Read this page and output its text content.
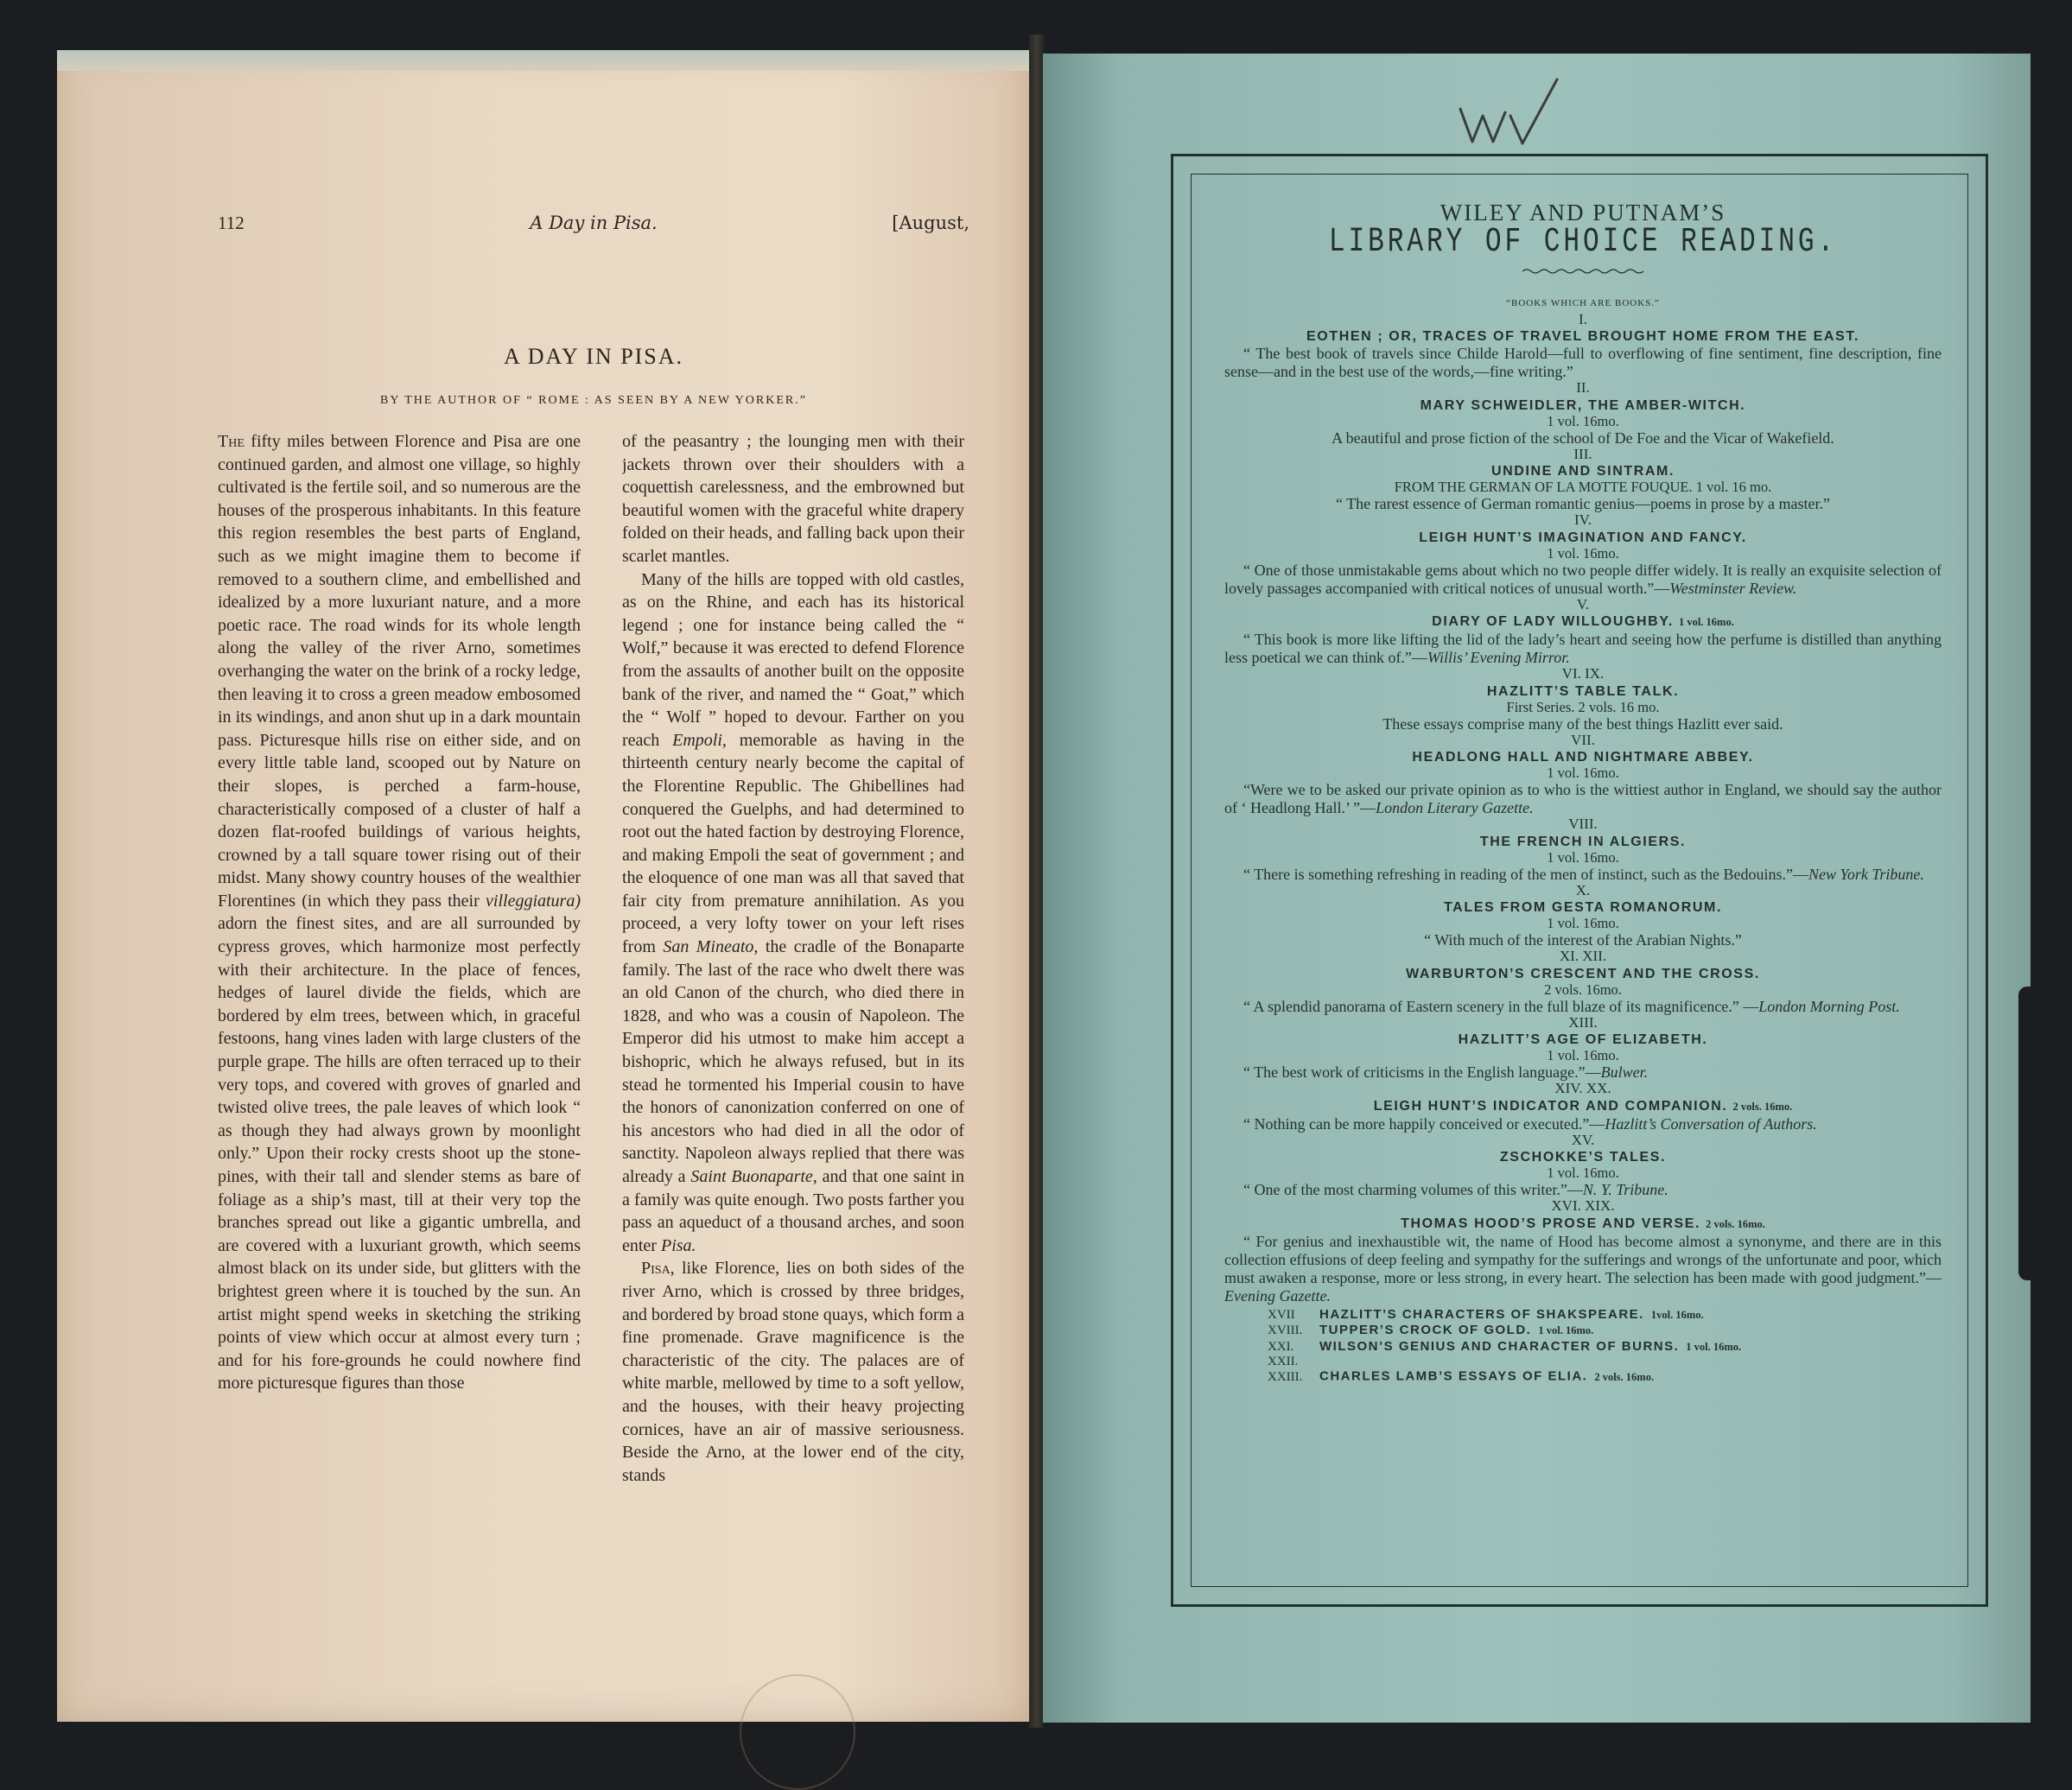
112	A Day in Pisa.	[August,
A DAY IN PISA.
BY THE AUTHOR OF “ ROME : AS SEEN BY A NEW YORKER.”

The fifty miles between Florence and Pisa are one continued garden, and almost one village, so highly cultivated is the fertile soil, and so numerous are the houses of the prosperous inhabitants. In this feature this region resembles the best parts of England, such as we might imagine them to become if removed to a southern clime, and embellished and idealized by a more luxuriant nature, and a more poetic race. The road winds for its whole length along the valley of the river Arno, sometimes overhanging the water on the brink of a rocky ledge, then leaving it to cross a green meadow embosomed in its windings, and anon shut up in a dark mountain pass. Picturesque hills rise on either side, and on every little table land, scooped out by Nature on their slopes, is perched a farm-house, characteristically composed of a cluster of half a dozen flat-roofed buildings of various heights, crowned by a tall square tower rising out of their midst. Many showy country houses of the wealthier Florentines (in which they pass their villeggiatura) adorn the finest sites, and are all surrounded by cypress groves, which harmonize most perfectly with their architecture. In the place of fences, hedges of laurel divide the fields, which are bordered by elm trees, between which, in graceful festoons, hang vines laden with large clusters of the purple grape. The hills are often terraced up to their very tops, and covered with groves of gnarled and twisted olive trees, the pale leaves of which look “ as though they had always grown by moonlight only.” Upon their rocky crests shoot up the stone-pines, with their tall and slender stems as bare of foliage as a ship’s mast, till at their very top the branches spread out like a gigantic umbrella, and are covered with a luxuriant growth, which seems almost black on its under side, but glitters with the brightest green where it is touched by the sun. An artist might spend weeks in sketching the striking points of view which occur at almost every turn ; and for his fore-grounds he could nowhere find more picturesque figures than those

of the peasantry ; the lounging men with their jackets thrown over their shoulders with a coquettish carelessness, and the embrowned but beautiful women with the graceful white drapery folded on their heads, and falling back upon their scarlet mantles.

Many of the hills are topped with old castles, as on the Rhine, and each has its historical legend ; one for instance being called the “ Wolf,” because it was erected to defend Florence from the assaults of another built on the opposite bank of the river, and named the “ Goat,” which the “ Wolf ” hoped to devour. Farther on you reach Empoli, memorable as having in the thirteenth century nearly become the capital of the Florentine Republic. The Ghibellines had conquered the Guelphs, and had determined to root out the hated faction by destroying Florence, and making Empoli the seat of government ; and the eloquence of one man was all that saved that fair city from premature annihilation. As you proceed, a very lofty tower on your left rises from San Mineato, the cradle of the Bonaparte family. The last of the race who dwelt there was an old Canon of the church, who died there in 1828, and who was a cousin of Napoleon. The Emperor did his utmost to make him accept a bishopric, which he always refused, but in its stead he tormented his Imperial cousin to have the honors of canonization conferred on one of his ancestors who had died in all the odor of sanctity. Napoleon always replied that there was already a Saint Buonaparte, and that one saint in a family was quite enough. Two posts farther you pass an aqueduct of a thousand arches, and soon enter Pisa.

Pisa, like Florence, lies on both sides of the river Arno, which is crossed by three bridges, and bordered by broad stone quays, which form a fine promenade. Grave magnificence is the characteristic of the city. The palaces are of white marble, mellowed by time to a soft yellow, and the houses, with their heavy projecting cornices, have an air of massive seriousness. Beside the Arno, at the lower end of the city, stands

WILEY AND PUTNAM’S
LIBRARY OF CHOICE READING.
“BOOKS WHICH ARE BOOKS.”
I.
EOTHEN ; OR, TRACES OF TRAVEL BROUGHT HOME FROM THE EAST.
“ The best book of travels since Childe Harold—full to overflowing of fine sentiment, fine description, fine sense—and in the best use of the words,—fine writing.”
II.
MARY SCHWEIDLER, THE AMBER-WITCH.
1 vol. 16mo.
A beautiful and prose fiction of the school of De Foe and the Vicar of Wakefield.
III.
UNDINE AND SINTRAM.
FROM THE GERMAN OF LA MOTTE FOUQUE. 1 vol. 16 mo.
“ The rarest essence of German romantic genius—poems in prose by a master.”
IV.
LEIGH HUNT’S IMAGINATION AND FANCY.
1 vol. 16mo.
“ One of those unmistakable gems about which no two people differ widely. It is really an exquisite selection of lovely passages accompanied with critical notices of unusual worth.”—Westminster Review.
V.
DIARY OF LADY WILLOUGHBY. 1 vol. 16mo.
“ This book is more like lifting the lid of the lady’s heart and seeing how the perfume is distilled than anything less poetical we can think of.”—Willis’ Evening Mirror.
VI. IX.
HAZLITT’S TABLE TALK.
First Series. 2 vols. 16 mo.
These essays comprise many of the best things Hazlitt ever said.
VII.
HEADLONG HALL AND NIGHTMARE ABBEY.
1 vol. 16mo.
“Were we to be asked our private opinion as to who is the wittiest author in England, we should say the author of ‘ Headlong Hall.’ ”—London Literary Gazette.
VIII.
THE FRENCH IN ALGIERS.
1 vol. 16mo.
“ There is something refreshing in reading of the men of instinct, such as the Bedouins.”—New York Tribune.
X.
TALES FROM GESTA ROMANORUM.
1 vol. 16mo.
“ With much of the interest of the Arabian Nights.”
XI. XII.
WARBURTON’S CRESCENT AND THE CROSS.
2 vols. 16mo.
“ A splendid panorama of Eastern scenery in the full blaze of its magnificence.” —London Morning Post.
XIII.
HAZLITT’S AGE OF ELIZABETH.
1 vol. 16mo.
“ The best work of criticisms in the English language.”—Bulwer.
XIV. XX.
LEIGH HUNT’S INDICATOR AND COMPANION. 2 vols. 16mo.
“ Nothing can be more happily conceived or executed.”—Hazlitt’s Conversation of Authors.
XV.
ZSCHOKKE’S TALES.
1 vol. 16mo.
“ One of the most charming volumes of this writer.”—N. Y. Tribune.
XVI. XIX.
THOMAS HOOD’S PROSE AND VERSE. 2 vols. 16mo.
“ For genius and inexhaustible wit, the name of Hood has become almost a synonyme, and there are in this collection effusions of deep feeling and sympathy for the sufferings and wrongs of the unfortunate and poor, which must awaken a response, more or less strong, in every heart. The selection has been made with good judgment.”—Evening Gazette.
XVII HAZLITT’S CHARACTERS OF SHAKSPEARE. 1vol. 16mo.
XVIII. TUPPER’S CROCK OF GOLD. 1 vol. 16mo.
XXI. WILSON’S GENIUS AND CHARACTER OF BURNS. 1 vol. 16mo.
XXII. XXIII. CHARLES LAMB’S ESSAYS OF ELIA. 2 vols. 16mo.
